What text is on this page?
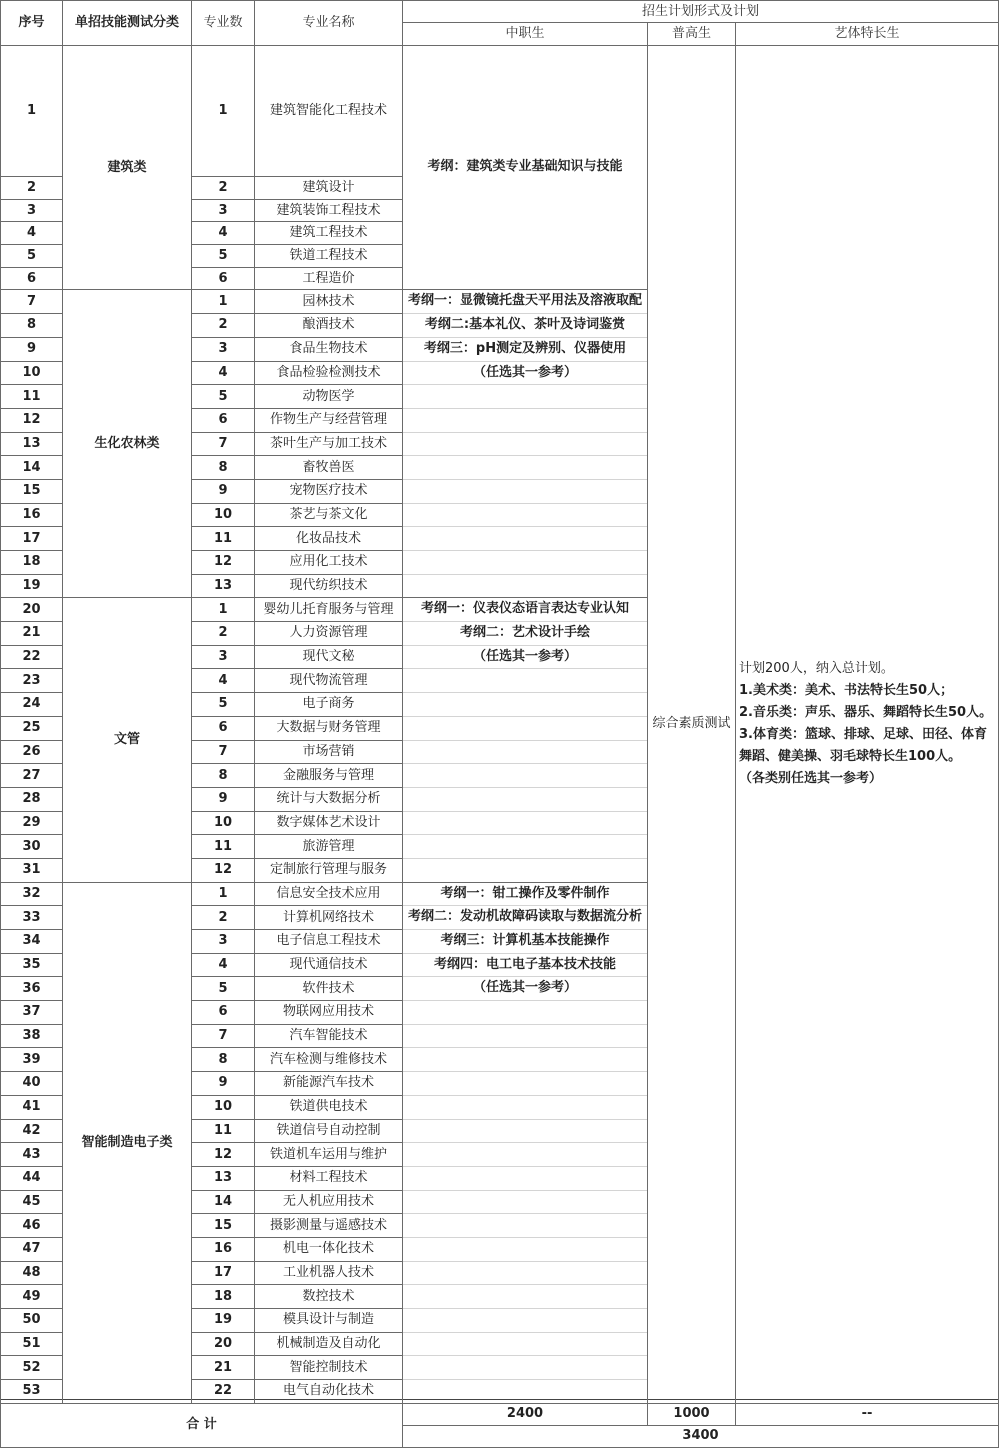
序号	单招技能测试分类	专业数	专业名称	招生计划形式及计划		
				中职生	普高生	艺体特长生
1	建筑类	1	建筑智能化工程技术	考纲：建筑类专业基础知识与技能	综合素质测试	计划200人，纳入总计划。
1.美术类：美术、书法特长生50人；
2.音乐类：声乐、器乐、舞蹈特长生50人。
3.体育类：篮球、排球、足球、田径、体育舞蹈、健美操、羽毛球特长生100人。
（各类别任选其一参考）

2		2	建筑设计			
3		3	建筑装饰工程技术			
4		4	建筑工程技术			
5		5	铁道工程技术			
6		6	工程造价			
7	生化农林类	1	园林技术	考纲一：显微镜托盘天平用法及溶液取配
考纲二:基本礼仪、茶叶及诗词鉴赏
考纲三：pH测定及辨别、仪器使用
（任选其一参考）		

8		2	酿酒技术			
9		3	食品生物技术			
10		4	食品检验检测技术			
11		5	动物医学			
12		6	作物生产与经营管理			
13		7	茶叶生产与加工技术			
14		8	畜牧兽医			
15		9	宠物医疗技术			
16		10	茶艺与茶文化			
17		11	化妆品技术			
18		12	应用化工技术			
19		13	现代纺织技术			
20	文管	1	婴幼儿托育服务与管理	考纲一：仪表仪态语言表达专业认知
考纲二：艺术设计手绘
（任选其一参考）		

21		2	人力资源管理			
22		3	现代文秘			
23		4	现代物流管理			
24		5	电子商务			
25		6	大数据与财务管理			
26		7	市场营销			
27		8	金融服务与管理			
28		9	统计与大数据分析			
29		10	数字媒体艺术设计			
30		11	旅游管理			
31		12	定制旅行管理与服务			
32	智能制造电子类	1	信息安全技术应用	考纲一：钳工操作及零件制作
考纲二：发动机故障码读取与数据流分析
考纲三：计算机基本技能操作
考纲四：电工电子基本技术技能
（任选其一参考）		

33		2	计算机网络技术			
34		3	电子信息工程技术			
35		4	现代通信技术			
36		5	软件技术			
37		6	物联网应用技术			
38		7	汽车智能技术			
39		8	汽车检测与维修技术			
40		9	新能源汽车技术			
41		10	铁道供电技术			
42		11	铁道信号自动控制			
43		12	铁道机车运用与维护			
44		13	材料工程技术			
45		14	无人机应用技术			
46		15	摄影测量与遥感技术			
47		16	机电一体化技术			
48		17	工业机器人技术			
49		18	数控技术			
50		19	模具设计与制造			
51		20	机械制造及自动化			
52		21	智能控制技术			
53		22	电气自动化技术			
合 计				2400	1000	--
				3400		
